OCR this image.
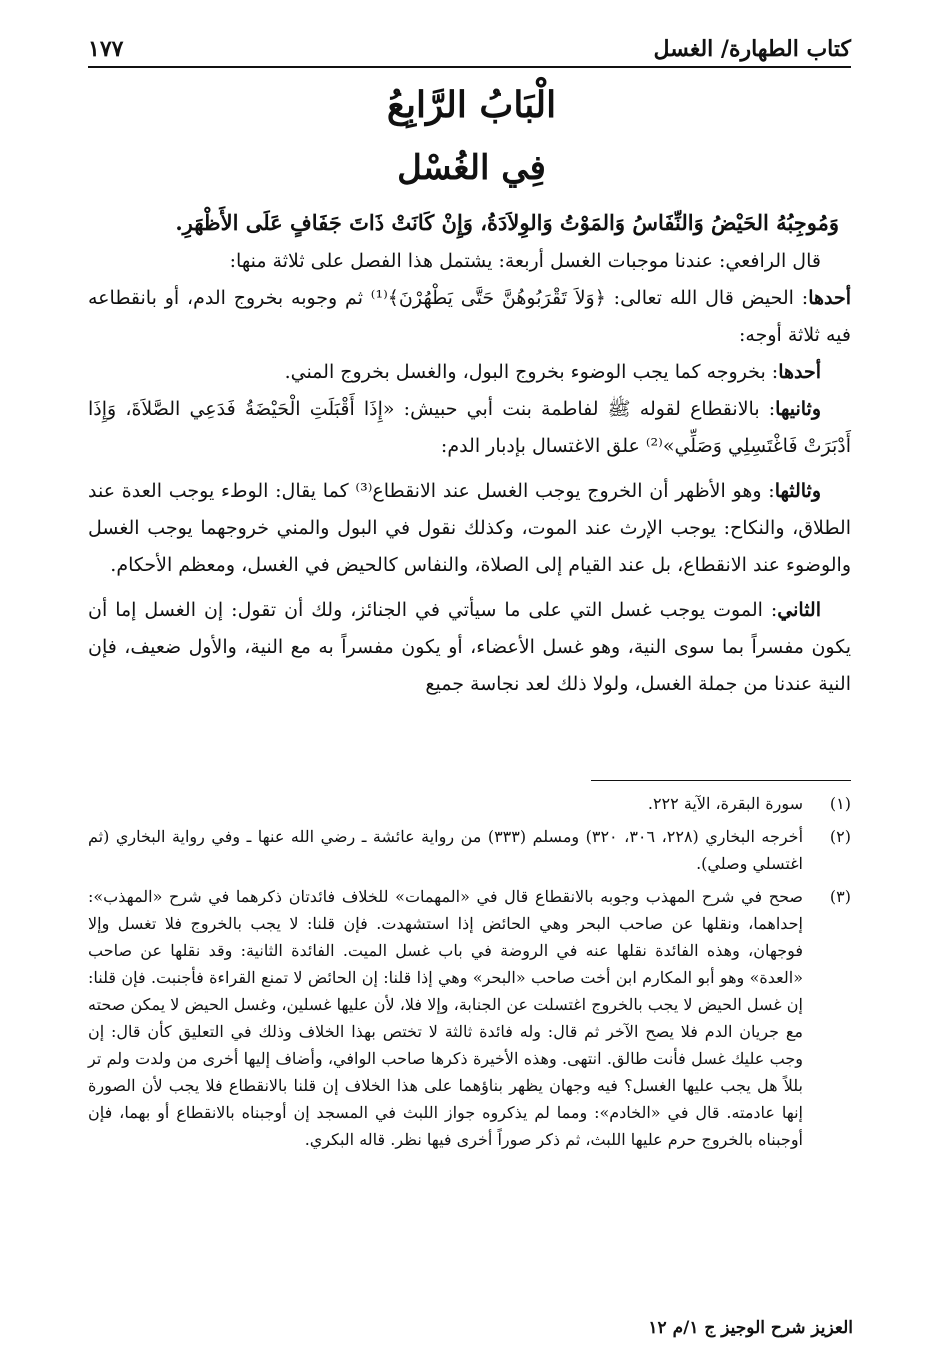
كتاب الطهارة/ الغسل
١٧٧
الْبَابُ الرَّابِعُ
فِي الغُسْل

وَمُوجِبُهُ الحَيْضُ وَالنِّفَاسُ وَالمَوْتُ وَالوِلاَدَةُ، وَإِنْ كَانَتْ ذَاتَ جَفَافٍ عَلَى الأَظْهَرِ.

قال الرافعي: عندنا موجبات الغسل أربعة: يشتمل هذا الفصل على ثلاثة منها:

أحدها: الحيض قال الله تعالى: ﴿وَلاَ تَقْرَبُوهُنَّ حَتَّى يَطْهُرْنَ﴾⁽¹⁾ ثم وجوبه بخروج الدم، أو بانقطاعه فيه ثلاثة أوجه:

أحدها: بخروجه كما يجب الوضوء بخروج البول، والغسل بخروج المني.

وثانيها: بالانقطاع لقوله ﷺ لفاطمة بنت أبي حبيش: «إِذَا أَقْبَلَتِ الْحَيْضَةُ فَدَعِي الصَّلاَةَ، وَإِذَا أَدْبَرَتْ فَاغْتَسِلِي وَصَلِّي»⁽²⁾ علق الاغتسال بإدبار الدم:

وثالثها: وهو الأظهر أن الخروج يوجب الغسل عند الانقطاع⁽³⁾ كما يقال: الوطء يوجب العدة عند الطلاق، والنكاح: يوجب الإرث عند الموت، وكذلك نقول في البول والمني خروجهما يوجب الغسل والوضوء عند الانقطاع، بل عند القيام إلى الصلاة، والنفاس كالحيض في الغسل، ومعظم الأحكام.

الثاني: الموت يوجب غسل التي على ما سيأتي في الجنائز، ولك أن تقول: إن الغسل إما أن يكون مفسراً بما سوى النية، وهو غسل الأعضاء، أو يكون مفسراً به مع النية، والأول ضعيف، فإن النية عندنا من جملة الغسل، ولولا ذلك لعد نجاسة جميع

(١)
سورة البقرة، الآية ٢٢٢.
(٢)
أخرجه البخاري (٢٢٨، ٣٠٦، ٣٢٠) ومسلم (٣٣٣) من رواية عائشة ـ رضي الله عنها ـ وفي رواية البخاري (ثم اغتسلي وصلي).
(٣)
صحح في شرح المهذب وجوبه بالانقطاع قال في «المهمات» للخلاف فائدتان ذكرهما في شرح «المهذب»: إحداهما، ونقلها عن صاحب البحر وهي الحائض إذا استشهدت. فإن قلنا: لا يجب بالخروج فلا تغسل وإلا فوجهان، وهذه الفائدة نقلها عنه في الروضة في باب غسل الميت. الفائدة الثانية: وقد نقلها عن صاحب «العدة» وهو أبو المكارم ابن أخت صاحب «البحر» وهي إذا قلنا: إن الحائض لا تمنع القراءة فأجنبت. فإن قلنا: إن غسل الحيض لا يجب بالخروج اغتسلت عن الجنابة، وإلا فلا، لأن عليها غسلين، وغسل الحيض لا يمكن صحته مع جريان الدم فلا يصح الآخر ثم قال: وله فائدة ثالثة لا تختص بهذا الخلاف وذلك في التعليق كأن قال: إن وجب عليك غسل فأنت طالق. انتهى. وهذه الأخيرة ذكرها صاحب الوافي، وأضاف إليها أخرى من ولدت ولم تر بللاً هل يجب عليها الغسل؟ فيه وجهان يظهر بناؤهما على هذا الخلاف إن قلنا بالانقطاع فلا يجب لأن الصورة إنها عادمته. قال في «الخادم»: ومما لم يذكروه جواز اللبث في المسجد إن أوجبناه بالانقطاع أو بهما، فإن أوجبناه بالخروج حرم عليها اللبث، ثم ذكر صوراً أخرى فيها نظر. قاله البكري.
العزيز شرح الوجيز ج ١/م ١٢
